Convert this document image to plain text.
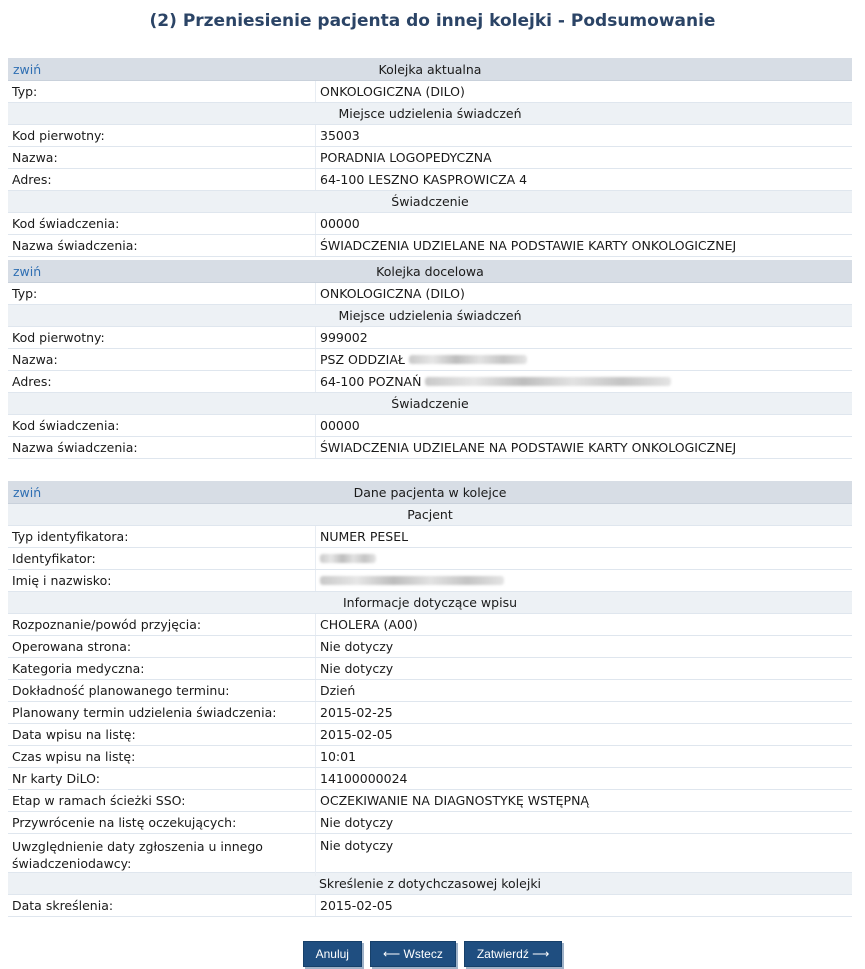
(2) Przeniesienie pacjenta do innej kolejki - Podsumowanie
zwiń	Kolejka aktualna
Typ:	ONKOLOGICZNA (DILO)
Miejsce udzielenia świadczeń
Kod pierwotny:	35003
Nazwa:	PORADNIA LOGOPEDYCZNA
Adres:	64-100 LESZNO KASPROWICZA 4
Świadczenie
Kod świadczenia:	00000
Nazwa świadczenia:	ŚWIADCZENIA UDZIELANE NA PODSTAWIE KARTY ONKOLOGICZNEJ
zwiń	Kolejka docelowa
Typ:	ONKOLOGICZNA (DILO)
Miejsce udzielenia świadczeń
Kod pierwotny:	999002
Nazwa:	PSZ ODDZIAŁ
Adres:	64-100 POZNAŃ
Świadczenie
Kod świadczenia:	00000
Nazwa świadczenia:	ŚWIADCZENIA UDZIELANE NA PODSTAWIE KARTY ONKOLOGICZNEJ
zwiń	Dane pacjenta w kolejce
Pacjent
Typ identyfikatora:	NUMER PESEL
Identyfikator:
Imię i nazwisko:
Informacje dotyczące wpisu
Rozpoznanie/powód przyjęcia:	CHOLERA (A00)
Operowana strona:	Nie dotyczy
Kategoria medyczna:	Nie dotyczy
Dokładność planowanego terminu:	Dzień
Planowany termin udzielenia świadczenia:	2015-02-25
Data wpisu na listę:	2015-02-05
Czas wpisu na listę:	10:01
Nr karty DiLO:	14100000024
Etap w ramach ścieżki SSO:	OCZEKIWANIE NA DIAGNOSTYKĘ WSTĘPNĄ
Przywrócenie na listę oczekujących:	Nie dotyczy
Uwzględnienie daty zgłoszenia u innego świadczeniodawcy:
Nie dotyczy
Skreślenie z dotychczasowej kolejki
Data skreślenia:	2015-02-05
Anuluj	⟵ Wstecz	Zatwierdź ⟶
